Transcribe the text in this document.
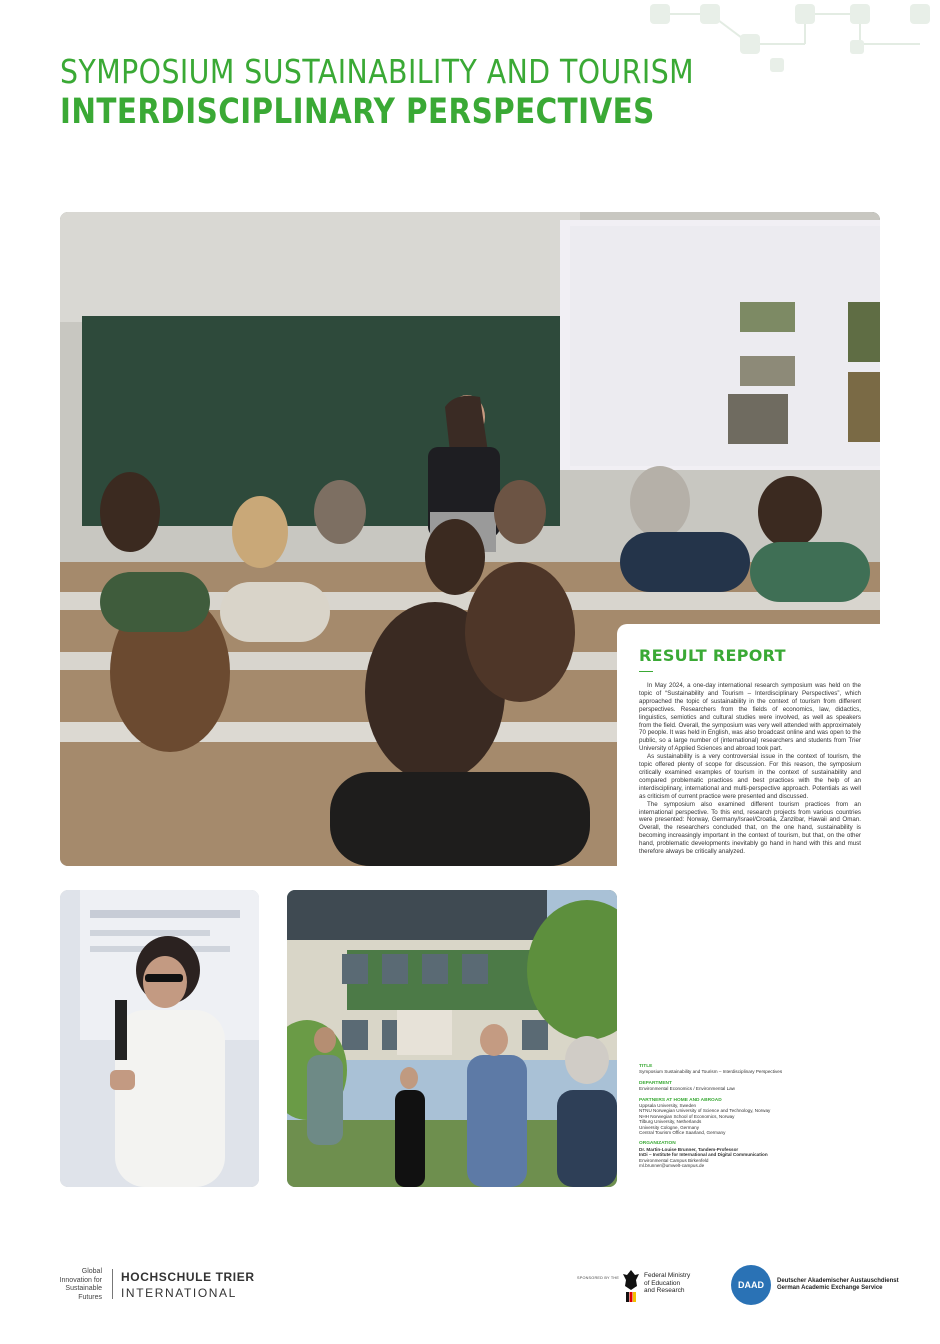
SYMPOSIUM SUSTAINABILITY AND TOURISM
INTERDISCIPLINARY PERSPECTIVES
RESULT REPORT

In May 2024, a one-day international research symposium was held on the topic of “Sustainability and Tourism – Interdisciplinary Perspectives”, which approached the topic of sustainability in the context of tourism from different perspectives. Researchers from the fields of economics, law, didactics, linguistics, semiotics and cultural studies were involved, as well as speakers from the field. Overall, the symposium was very well attended with approximately 70 people. It was held in English, was also broadcast online and was open to the public, so a large number of (international) researchers and students from Trier University of Applied Sciences and abroad took part.

As sustainability is a very controversial issue in the context of tourism, the topic offered plenty of scope for discussion. For this reason, the symposium critically examined examples of tourism in the context of sustainability and compared problematic practices and best practices with the help of an interdisciplinary, international and multi-perspective approach. Potentials as well as criticism of current practice were presented and discussed.

The symposium also examined different tourism practices from an international perspective. To this end, research projects from various countries were presented: Norway, Germany/Israel/Croatia, Zanzibar, Hawaii and Oman. Overall, the researchers concluded that, on the one hand, sustainability is becoming increasingly important in the context of tourism, but that, on the other hand, problematic developments inevitably go hand in hand with this and must therefore always be critically analyzed.

TITLE
Symposium Sustainability and Tourism – Interdisciplinary Perspectives
DEPARTMENT
Environmental Economics / Environmental Law
PARTNERS AT HOME AND ABROAD
Uppsala University, Sweden
NTNU Norwegian University of Science and Technology, Norway
NHH Norwegian School of Economics, Norway
Tilburg University, Netherlands
University Cologne, Germany
Central Tourism Office Saarland, Germany
ORGANIZATION
Dr. Martin-Louise Brunner, Tandem-Professor
InDi – Institute for International and Digital Communication
Environmental Campus Birkenfeld
ml.brunner@umwelt-campus.de
Global
Innovation for
Sustainable
Futures
HOCHSCHULE TRIER
INTERNATIONAL
SPONSORED BY THE	Federal Ministry
of Education
and Research
DAAD	Deutscher Akademischer Austauschdienst
German Academic Exchange Service
